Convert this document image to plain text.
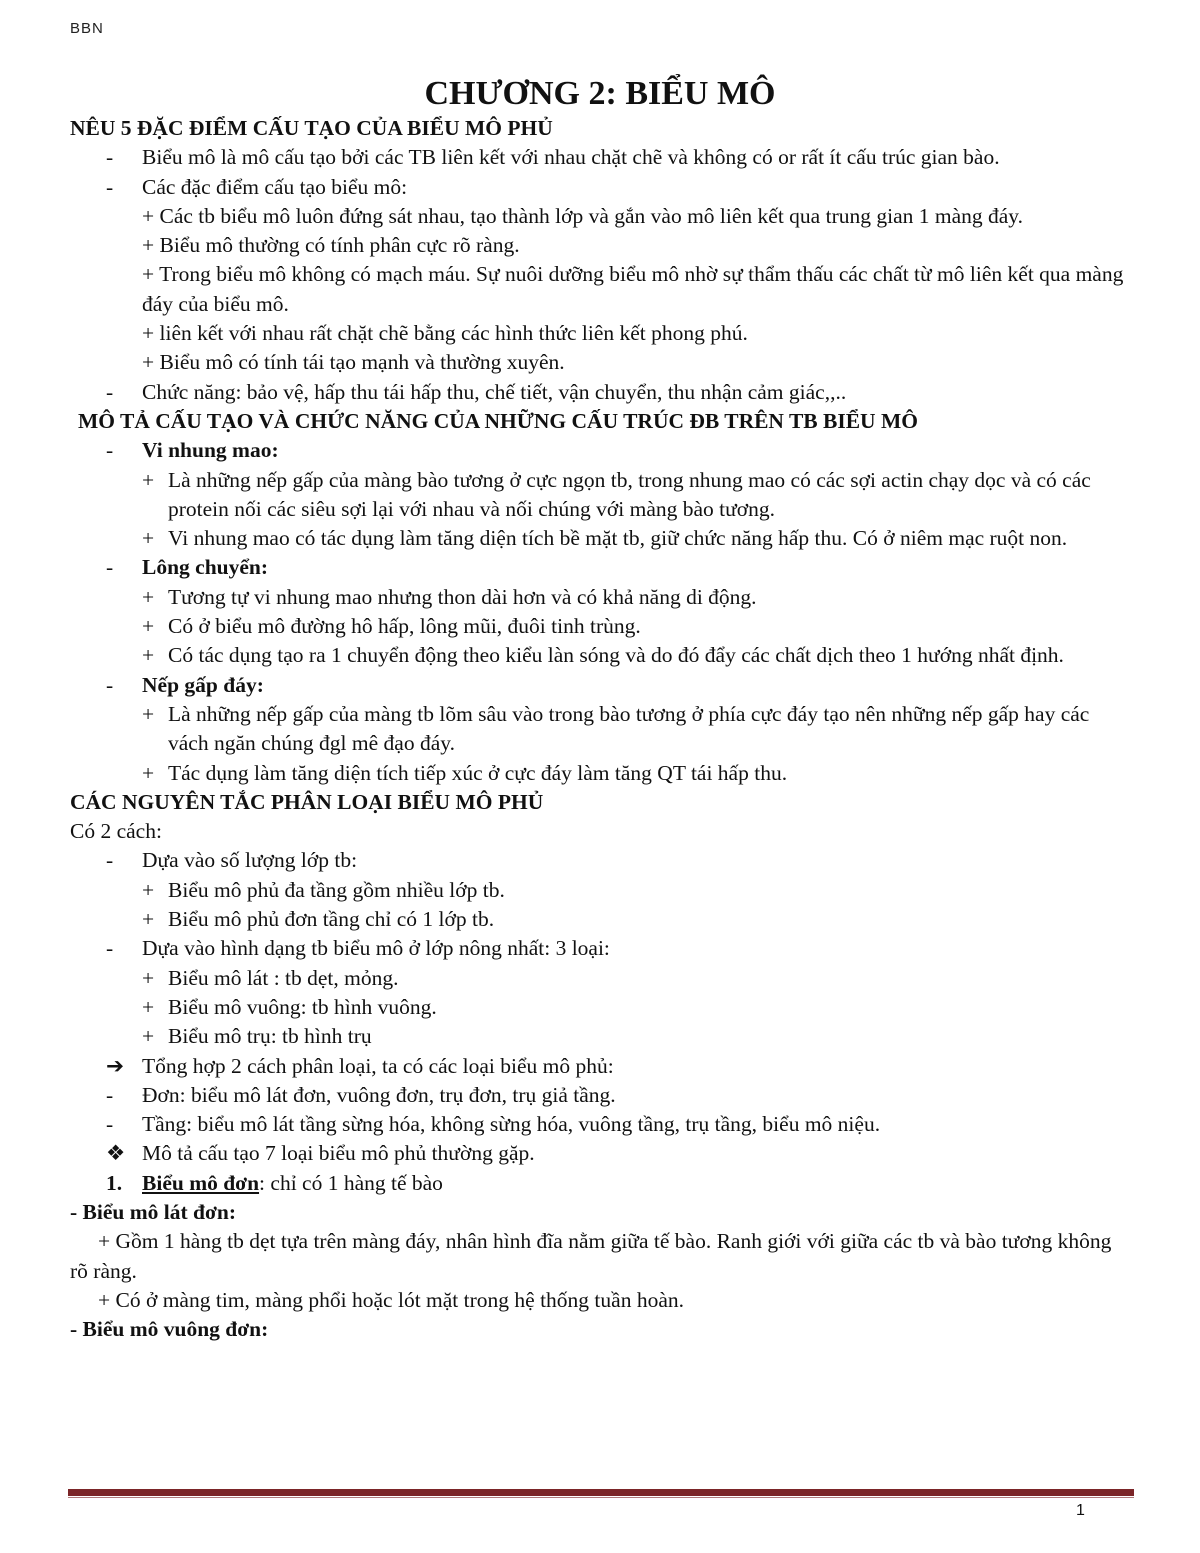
BBN
CHƯƠNG 2: BIỂU MÔ
NÊU 5 ĐẶC ĐIỂM CẤU TẠO CỦA BIỂU MÔ PHỦ
-	Biểu mô là mô cấu tạo bởi các TB liên kết với nhau chặt chẽ và không có or rất ít cấu trúc gian bào.
-	Các đặc điểm cấu tạo biểu mô:
+ Các tb biểu mô luôn đứng sát nhau, tạo thành lớp và gắn vào mô liên kết qua trung gian 1 màng đáy.
+ Biểu mô thường có tính phân cực rõ ràng.
+ Trong biểu mô không có mạch máu. Sự nuôi dưỡng biểu mô nhờ sự thẩm thấu các chất từ mô liên kết qua màng đáy của biểu mô.
+ liên kết với nhau rất chặt chẽ bằng các hình thức liên kết phong phú.
+ Biểu mô có tính tái tạo mạnh và thường xuyên.
-	Chức năng: bảo vệ, hấp thu tái hấp thu, chế tiết, vận chuyển, thu nhận cảm giác,,..
MÔ TẢ CẤU TẠO VÀ CHỨC NĂNG CỦA NHỮNG CẤU TRÚC ĐB TRÊN TB BIỂU MÔ
-	Vi nhung mao:
+ Là những nếp gấp của màng bào tương ở cực ngọn tb, trong nhung mao có các sợi actin chạy dọc và có các protein nối các siêu sợi lại với nhau và nối chúng với màng bào tương.
+ Vi nhung mao có tác dụng làm tăng diện tích bề mặt tb, giữ chức năng hấp thu. Có ở niêm mạc ruột non.
-	Lông chuyển:
+ Tương tự vi nhung mao nhưng thon dài hơn và có khả năng di động.
+ Có ở biểu mô đường hô hấp, lông mũi, đuôi tinh trùng.
+ Có tác dụng tạo ra 1 chuyển động theo kiểu làn sóng và do đó đẩy các chất dịch theo 1 hướng nhất định.
-	Nếp gấp đáy:
+ Là những nếp gấp của màng tb lõm sâu vào trong bào tương ở phía cực đáy tạo nên những nếp gấp hay các vách ngăn chúng đgl mê đạo đáy.
+ Tác dụng làm tăng diện tích tiếp xúc ở cực đáy làm tăng QT tái hấp thu.
CÁC NGUYÊN TẮC PHÂN LOẠI BIỂU MÔ PHỦ
Có 2 cách:
-	Dựa vào số lượng lớp tb:
+ Biểu mô phủ đa tầng gồm nhiều lớp tb.
+ Biểu mô phủ đơn tầng chỉ có 1 lớp tb.
-	Dựa vào hình dạng tb biểu mô ở lớp nông nhất: 3 loại:
+ Biểu mô lát : tb dẹt, mỏng.
+ Biểu mô vuông: tb hình vuông.
+ Biểu mô trụ: tb hình trụ
➔ Tổng hợp 2 cách phân loại, ta có các loại biểu mô phủ:
-	Đơn: biểu mô lát đơn, vuông đơn, trụ đơn, trụ giả tầng.
-	Tầng: biểu mô lát tầng sừng hóa, không sừng hóa, vuông tầng, trụ tầng, biểu mô niệu.
❖ Mô tả cấu tạo 7 loại biểu mô phủ thường gặp.
1. Biểu mô đơn: chỉ có 1 hàng tế bào
- Biểu mô lát đơn:
+ Gồm 1 hàng tb dẹt tựa trên màng đáy, nhân hình đĩa nằm giữa tế bào. Ranh giới với giữa các tb và bào tương không rõ ràng.
+ Có ở màng tim, màng phổi hoặc lót mặt trong hệ thống tuần hoàn.
- Biểu mô vuông đơn:
1
